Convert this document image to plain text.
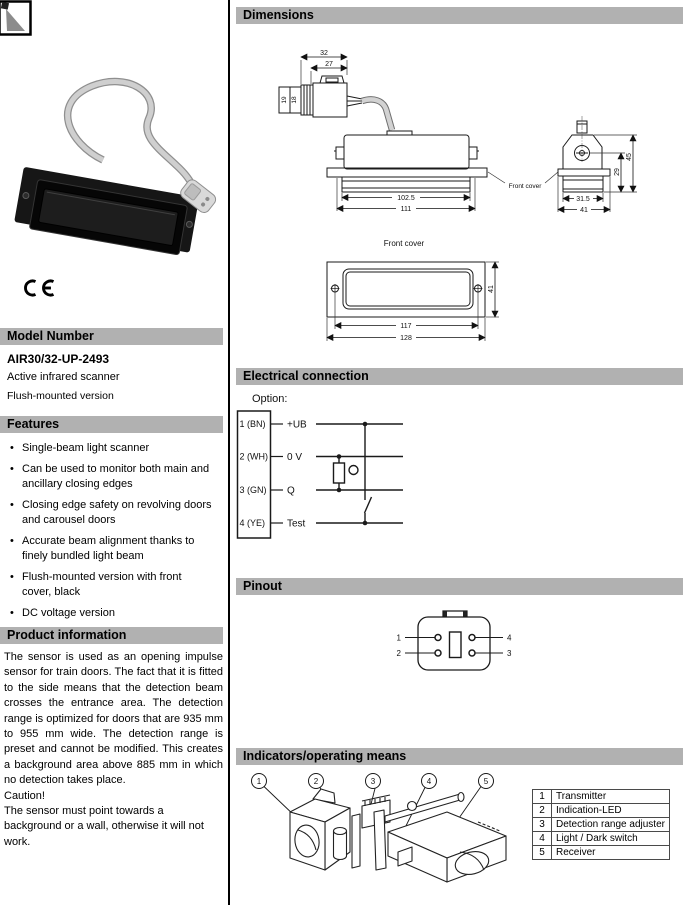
Model Number
AIR30/32-UP-2493
Active infrared scanner
Flush-mounted version
Features
•
Single-beam light scanner
•
Can be used to monitor both main and ancillary closing edges
•
Closing edge safety on revolving doors and carousel doors
•
Accurate beam alignment thanks to finely bundled light beam
•
Flush-mounted version with front cover, black
•
DC voltage version
Product information
The sensor is used as an opening impulse sensor for train doors. The fact that it is fitted to the side means that the detection beam crosses the entrance area. The detection range is optimized for doors that are 935 mm to 955 mm wide. The detection range is preset and cannot be modified. This creates a background area above 885 mm in which no detection takes place.
Caution!
The sensor must point towards a background or a wall, otherwise it will not work.
Dimensions
32
27
19 18
102.5
111
31.5
41
29
45
Front cover
Front cover
117
128
41
Electrical connection
Option:
1 (BN) +UB
2 (WH) 0 V
3 (GN) Q
4 (YE) Test
Pinout
1
2
4
3
Indicators/operating means
1	2	3	4	5
1	Transmitter
2	Indication-LED
3	Detection range adjuster
4	Light / Dark switch
5	Receiver
